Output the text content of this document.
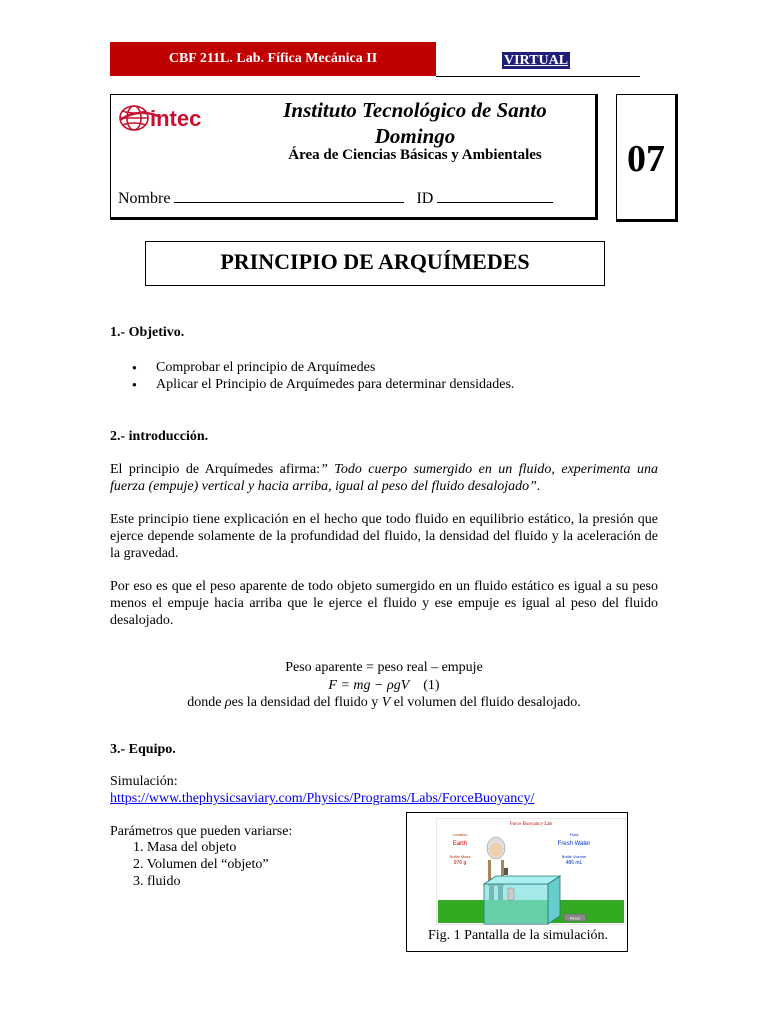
CBF 211L. Lab. Fífica Mecánica II	VIRTUAL
intec	Instituto Tecnológico de Santo Domingo
Área de Ciencias Básicas y Ambientales
Nombre	ID
07
PRINCIPIO DE ARQUÍMEDES
1.- Objetivo.
● Comprobar el principio de Arquímedes
● Aplicar el Principio de Arquímedes para determinar densidades.
2.- introducción.
El principio de Arquímedes afirma:” Todo cuerpo sumergido en un fluido, experimenta una fuerza (empuje) vertical y hacia arriba, igual al peso del fluido desalojado”.
Este principio tiene explicación en el hecho que todo fluido en equilibrio estático, la presión que ejerce depende solamente de la profundidad del fluido, la densidad del fluido y la aceleración de la gravedad.
Por eso es que el peso aparente de todo objeto sumergido en un fluido estático es igual a su peso menos el empuje hacia arriba que le ejerce el fluido y ese empuje es igual al peso del fluido desalojado.
Peso aparente = peso real – empuje
F = mg − ρgV (1)
donde ρes la densidad del fluido y V el volumen del fluido desalojado.
3.- Equipo.
Simulación:
https://www.thephysicsaviary.com/Physics/Programs/Labs/ForceBuoyancy/
Parámetros que pueden variarse:
1. Masa del objeto
2. Volumen del “objeto”
3. fluido
Force Buoyancy Lab
Location
Earth
Bottle Mass
976 g
Fluid
Fresh Water
Bottle Volume
486 mL
Reset
Fig. 1 Pantalla de la simulación.
